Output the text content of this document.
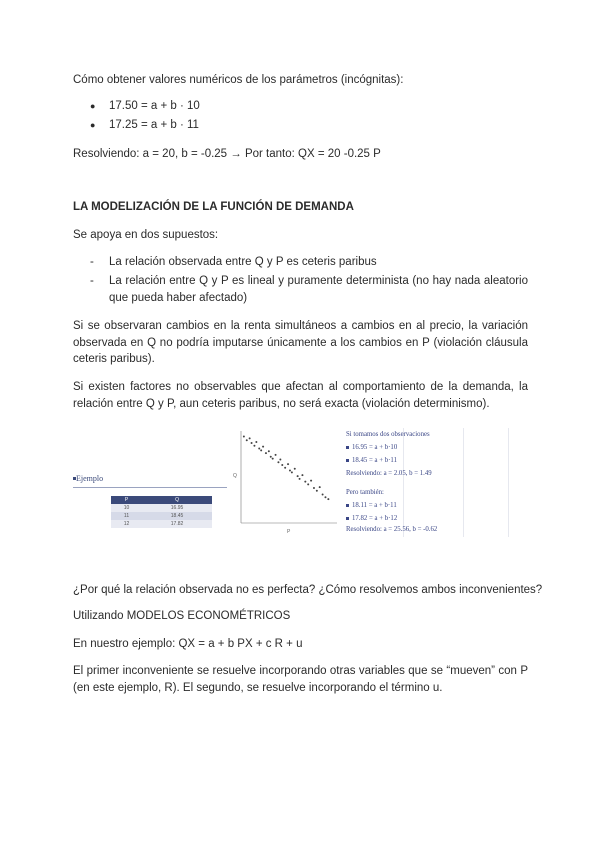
Cómo obtener valores numéricos de los parámetros (incógnitas):

● 17.50 = a + b · 10
● 17.25 = a + b · 11

Resolviendo: a = 20, b = -0.25 → Por tanto: QX = 20 -0.25 P

LA MODELIZACIÓN DE LA FUNCIÓN DE DEMANDA

Se apoya en dos supuestos:

- La relación observada entre Q y P es ceteris paribus
- La relación entre Q y P es lineal y puramente determinista (no hay nada aleatorio que pueda haber afectado)

Si se observaran cambios en la renta simultáneos a cambios en al precio, la variación observada en Q no podría imputarse únicamente a los cambios en P (violación cláusula ceteris paribus).

Si existen factores no observables que afectan al comportamiento de la demanda, la relación entre Q y P, aun ceteris paribus, no será exacta (violación determinismo).

Ejemplo
P	Q
10	16.95
11	18.45
12	17.82
Q
P
Si tomamos dos observaciones
16.95 = a + b·10
18.45 = a + b·11
Resolviendo: a = 2.05, b = 1.49
Pero también:
18.11 = a + b·11
17.82 = a + b·12
Resolviendo: a = 25.56, b = -0.62

¿Por qué la relación observada no es perfecta? ¿Cómo resolvemos ambos inconvenientes?

Utilizando MODELOS ECONOMÉTRICOS

En nuestro ejemplo: QX = a + b PX + c R + u

El primer inconveniente se resuelve incorporando otras variables que se “mueven” con P (en este ejemplo, R). El segundo, se resuelve incorporando el término u.
